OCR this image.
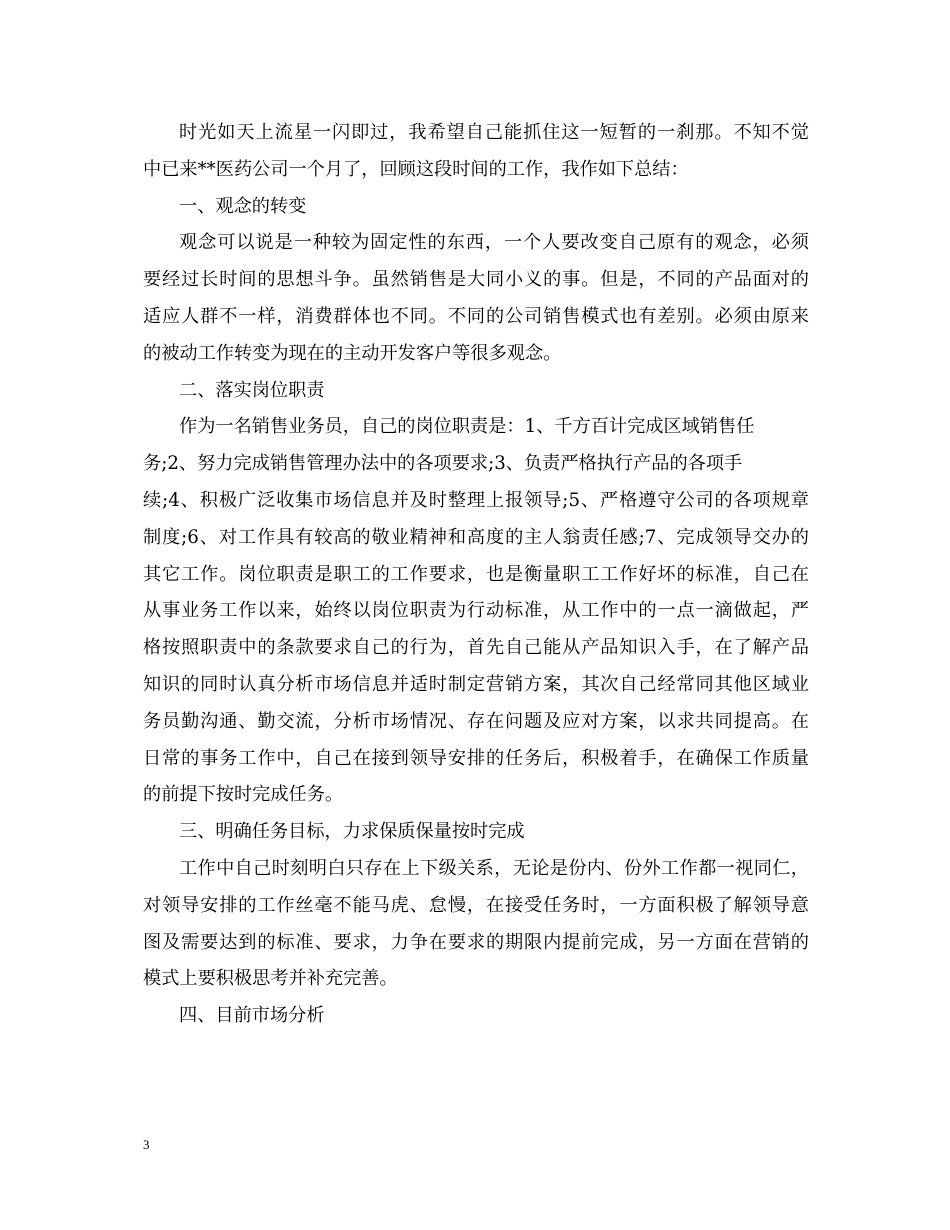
时光如天上流星一闪即过，我希望自己能抓住这一短暂的一刹那。不知不觉
中已来**医药公司一个月了，回顾这段时间的工作，我作如下总结：
一、观念的转变
观念可以说是一种较为固定性的东西，一个人要改变自己原有的观念，必须
要经过长时间的思想斗争。虽然销售是大同小义的事。但是，不同的产品面对的
适应人群不一样，消费群体也不同。不同的公司销售模式也有差别。必须由原来
的被动工作转变为现在的主动开发客户等很多观念。
二、落实岗位职责
作为一名销售业务员，自己的岗位职责是：1、千方百计完成区域销售任
务;2、努力完成销售管理办法中的各项要求;3、负责严格执行产品的各项手
续;4、积极广泛收集市场信息并及时整理上报领导;5、严格遵守公司的各项规章
制度;6、对工作具有较高的敬业精神和高度的主人翁责任感;7、完成领导交办的
其它工作。岗位职责是职工的工作要求，也是衡量职工工作好坏的标准，自己在
从事业务工作以来，始终以岗位职责为行动标准，从工作中的一点一滴做起，严
格按照职责中的条款要求自己的行为，首先自己能从产品知识入手，在了解产品
知识的同时认真分析市场信息并适时制定营销方案，其次自己经常同其他区域业
务员勤沟通、勤交流，分析市场情况、存在问题及应对方案，以求共同提高。在
日常的事务工作中，自己在接到领导安排的任务后，积极着手，在确保工作质量
的前提下按时完成任务。
三、明确任务目标，力求保质保量按时完成
工作中自己时刻明白只存在上下级关系，无论是份内、份外工作都一视同仁，
对领导安排的工作丝毫不能马虎、怠慢，在接受任务时，一方面积极了解领导意
图及需要达到的标准、要求，力争在要求的期限内提前完成，另一方面在营销的
模式上要积极思考并补充完善。
四、目前市场分析
3
